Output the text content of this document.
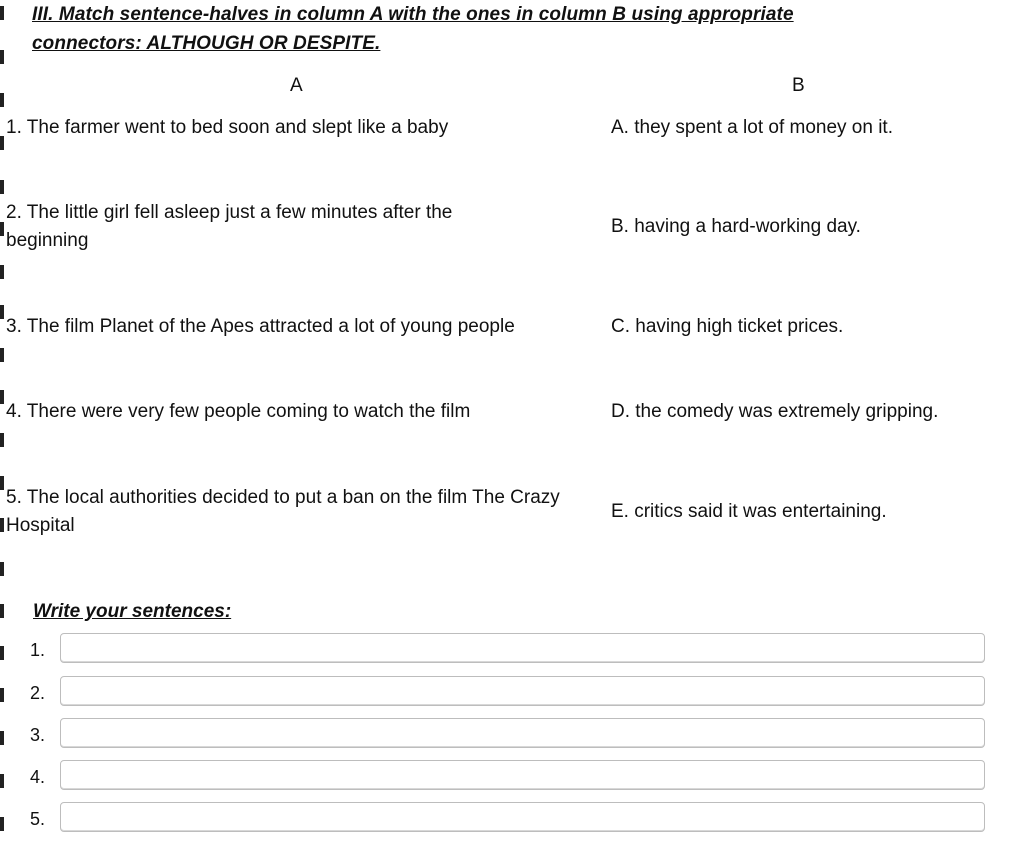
III. Match sentence-halves in column A with the ones in column B using appropriate
connectors: ALTHOUGH OR DESPITE.
A	B
1. The farmer went to bed soon and slept like a baby
2. The little girl fell asleep just a few minutes after the beginning
3. The film Planet of the Apes attracted a lot of young people
4. There were very few people coming to watch the film
5. The local authorities decided to put a ban on the film The Crazy Hospital
A. they spent a lot of money on it.
B. having a hard-working day.
C. having high ticket prices.
D. the comedy was extremely gripping.
E. critics said it was entertaining.
Write your sentences:
1.
2.
3.
4.
5.
